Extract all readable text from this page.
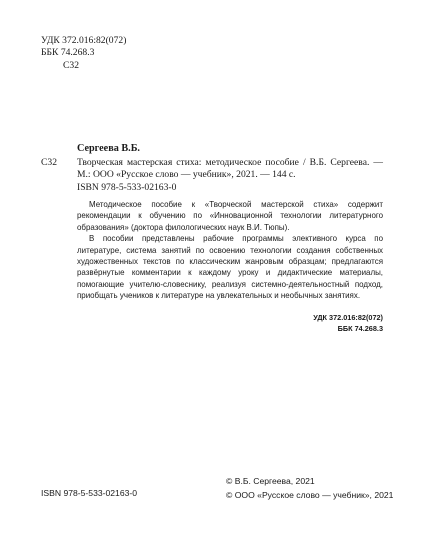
УДК 372.016:82(072)
ББК 74.268.3
С32
Сергеева В.Б.
С32 Творческая мастерская стиха: методическое пособие / В.Б. Сергеева. — М.: ООО «Русское слово — учебник», 2021. — 144 с.
ISBN 978-5-533-02163-0

Методическое пособие к «Творческой мастерской стиха» содержит рекомендации к обучению по «Инновационной технологии литературного образования» (доктора филологических наук В.И. Тюпы).

В пособии представлены рабочие программы элективного курса по литературе, система занятий по освоению технологии создания собственных художественных текстов по классическим жанровым образцам; предлагаются развёрнутые комментарии к каждому уроку и дидактические материалы, помогающие учителю-словеснику, реализуя системно-деятельностный подход, приобщать учеников к литературе на увлекательных и необычных занятиях.

УДК 372.016:82(072)
ББК 74.268.3
ISBN 978-5-533-02163-0
© В.Б. Сергеева, 2021
© ООО «Русское слово — учебник», 2021
